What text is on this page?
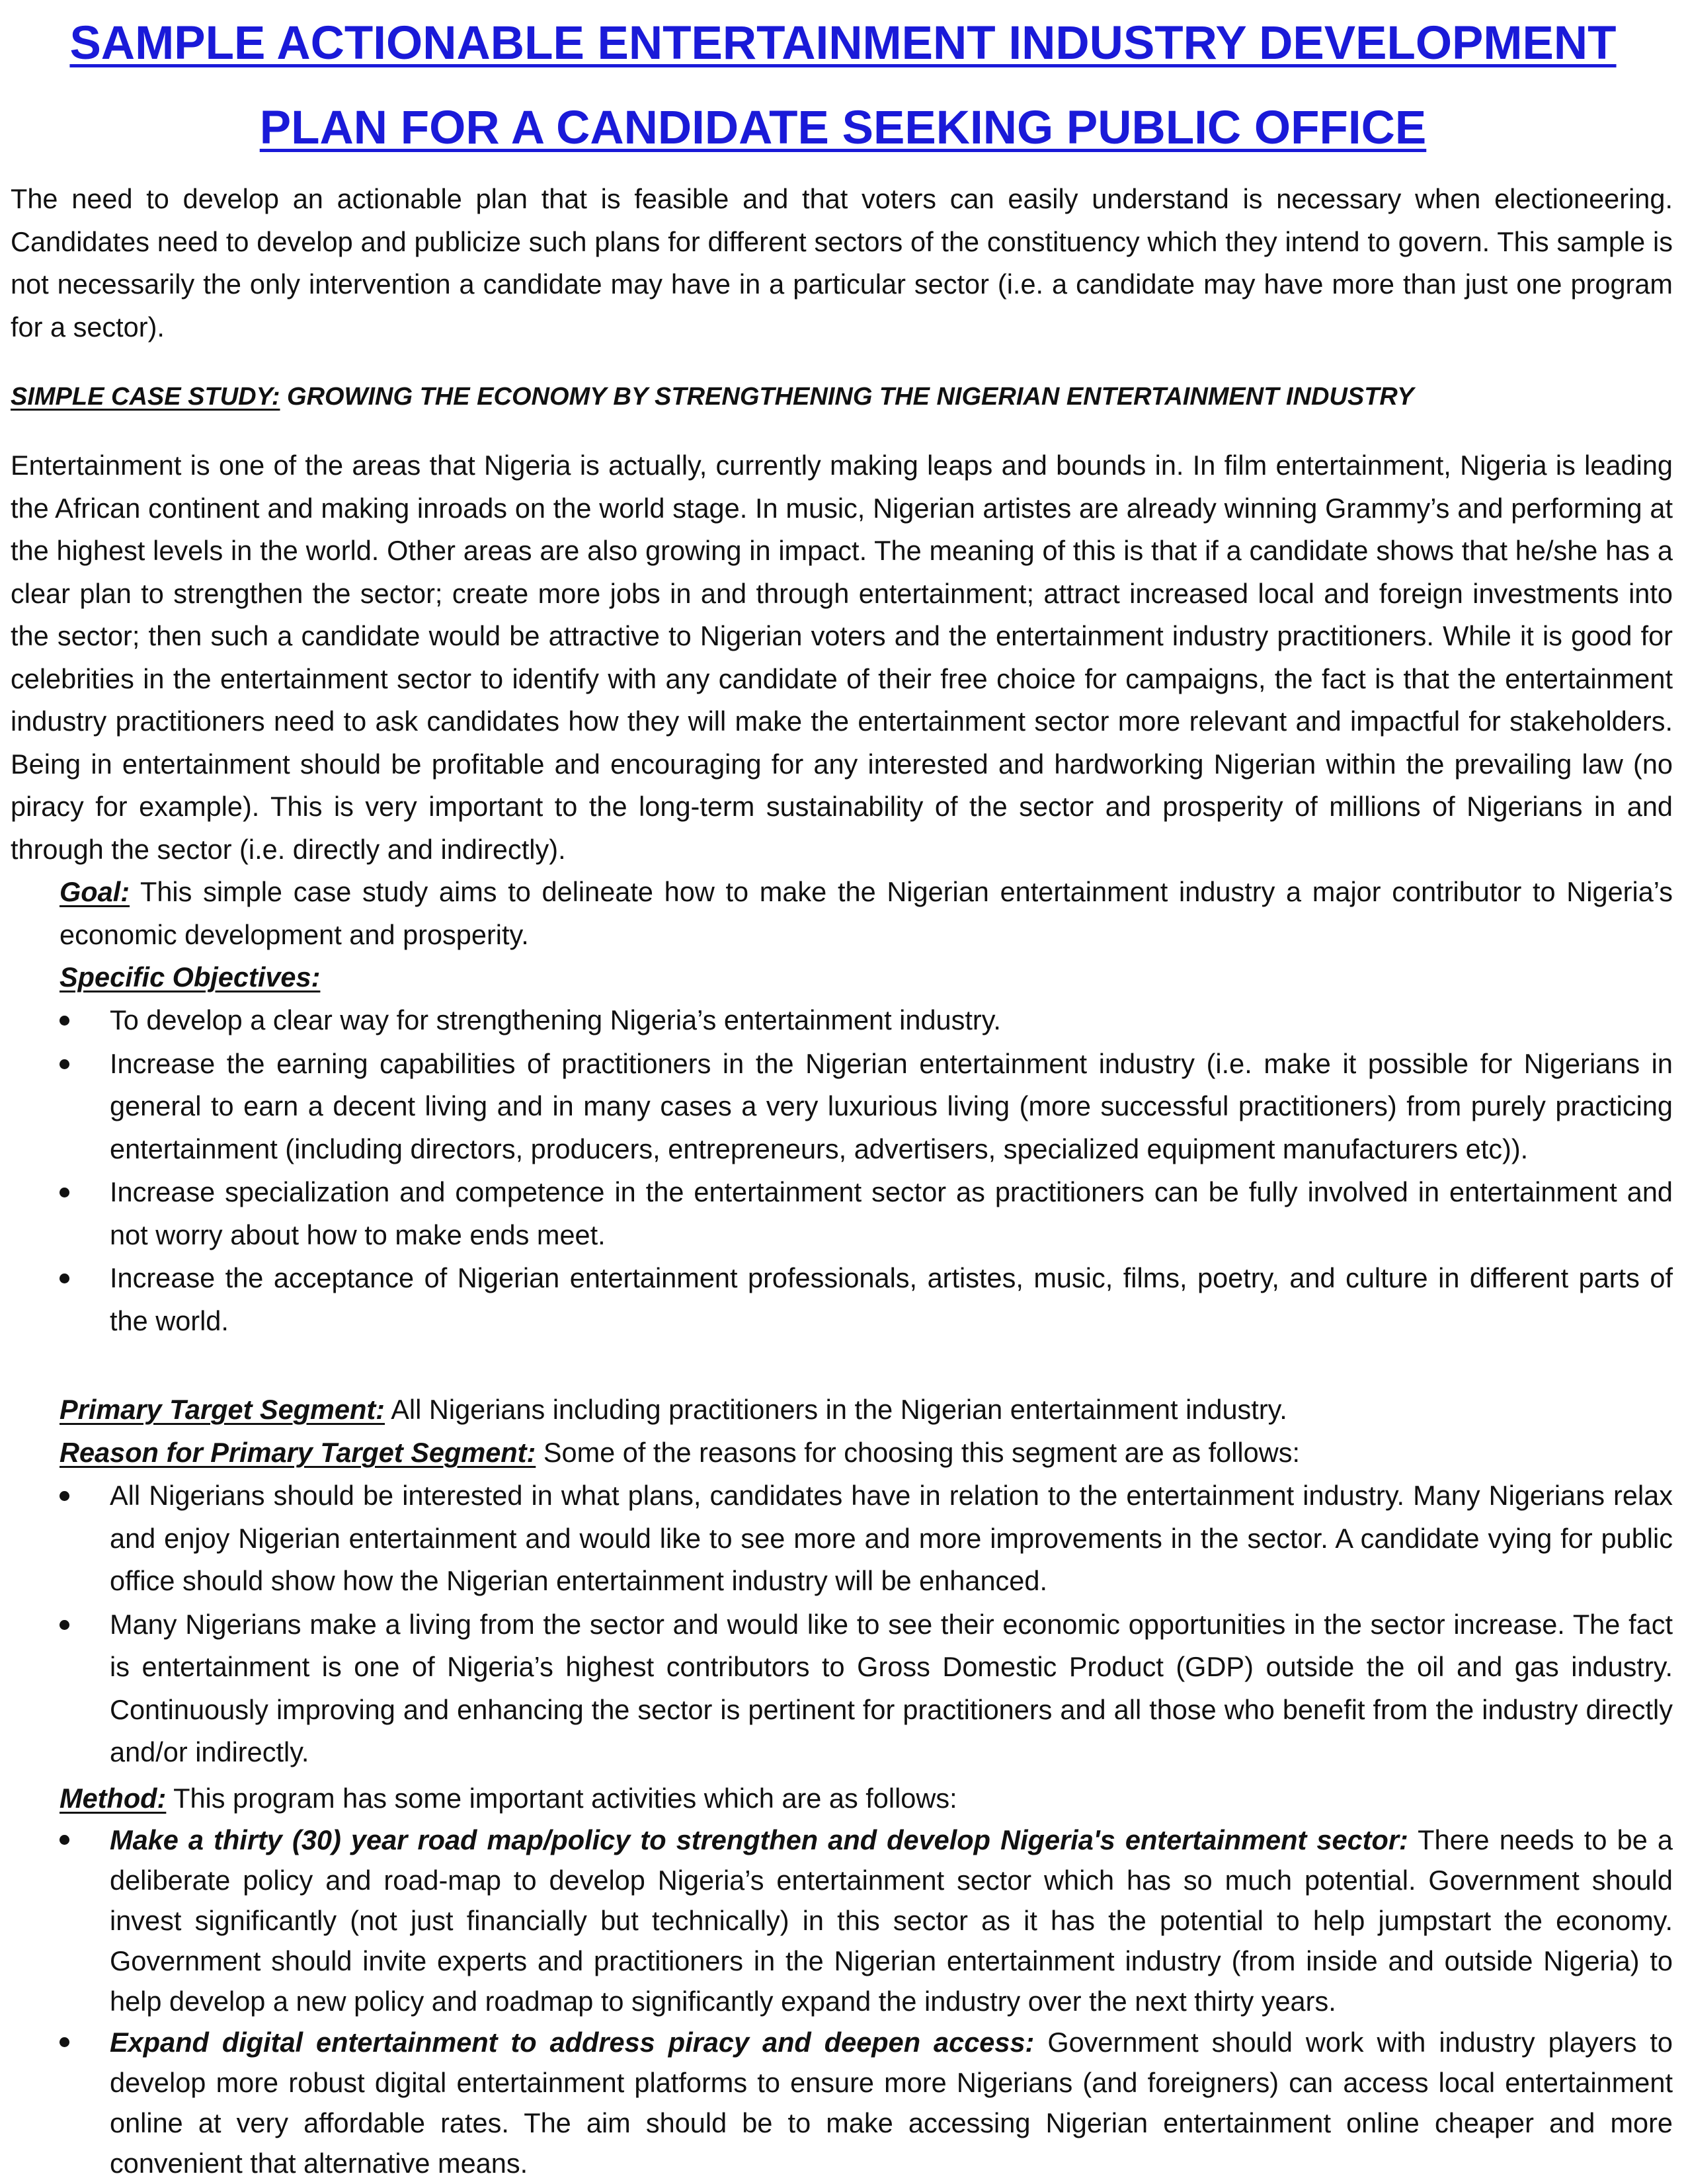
SAMPLE ACTIONABLE ENTERTAINMENT INDUSTRY DEVELOPMENT
PLAN FOR A CANDIDATE SEEKING PUBLIC OFFICE

The need to develop an actionable plan that is feasible and that voters can easily understand is necessary when electioneering. Candidates need to develop and publicize such plans for different sectors of the constituency which they intend to govern. This sample is not necessarily the only intervention a candidate may have in a particular sector (i.e. a candidate may have more than just one program for a sector).

SIMPLE CASE STUDY: GROWING THE ECONOMY BY STRENGTHENING THE NIGERIAN ENTERTAINMENT INDUSTRY

Entertainment is one of the areas that Nigeria is actually, currently making leaps and bounds in. In film entertainment, Nigeria is leading the African continent and making inroads on the world stage. In music, Nigerian artistes are already winning Grammy’s and performing at the highest levels in the world. Other areas are also growing in impact. The meaning of this is that if a candidate shows that he/she has a clear plan to strengthen the sector; create more jobs in and through entertainment; attract increased local and foreign investments into the sector; then such a candidate would be attractive to Nigerian voters and the entertainment industry practitioners. While it is good for celebrities in the entertainment sector to identify with any candidate of their free choice for campaigns, the fact is that the entertainment industry practitioners need to ask candidates how they will make the entertainment sector more relevant and impactful for stakeholders. Being in entertainment should be profitable and encouraging for any interested and hardworking Nigerian within the prevailing law (no piracy for example). This is very important to the long-term sustainability of the sector and prosperity of millions of Nigerians in and through the sector (i.e. directly and indirectly).

Goal: This simple case study aims to delineate how to make the Nigerian entertainment industry a major contributor to Nigeria’s economic development and prosperity.

Specific Objectives:

To develop a clear way for strengthening Nigeria’s entertainment industry.
Increase the earning capabilities of practitioners in the Nigerian entertainment industry (i.e. make it possible for Nigerians in general to earn a decent living and in many cases a very luxurious living (more successful practitioners) from purely practicing entertainment (including directors, producers, entrepreneurs, advertisers, specialized equipment manufacturers etc)).
Increase specialization and competence in the entertainment sector as practitioners can be fully involved in entertainment and not worry about how to make ends meet.
Increase the acceptance of Nigerian entertainment professionals, artistes, music, films, poetry, and culture in different parts of the world.

Primary Target Segment: All Nigerians including practitioners in the Nigerian entertainment industry.

Reason for Primary Target Segment: Some of the reasons for choosing this segment are as follows:

All Nigerians should be interested in what plans, candidates have in relation to the entertainment industry. Many Nigerians relax and enjoy Nigerian entertainment and would like to see more and more improvements in the sector. A candidate vying for public office should show how the Nigerian entertainment industry will be enhanced.
Many Nigerians make a living from the sector and would like to see their economic opportunities in the sector increase. The fact is entertainment is one of Nigeria’s highest contributors to Gross Domestic Product (GDP) outside the oil and gas industry. Continuously improving and enhancing the sector is pertinent for practitioners and all those who benefit from the industry directly and/or indirectly.

Method: This program has some important activities which are as follows:

Make a thirty (30) year road map/policy to strengthen and develop Nigeria's entertainment sector: There needs to be a deliberate policy and road-map to develop Nigeria’s entertainment sector which has so much potential. Government should invest significantly (not just financially but technically) in this sector as it has the potential to help jumpstart the economy. Government should invite experts and practitioners in the Nigerian entertainment industry (from inside and outside Nigeria) to help develop a new policy and roadmap to significantly expand the industry over the next thirty years.
Expand digital entertainment to address piracy and deepen access: Government should work with industry players to develop more robust digital entertainment platforms to ensure more Nigerians (and foreigners) can access local entertainment online at very affordable rates. The aim should be to make accessing Nigerian entertainment online cheaper and more convenient that alternative means.
